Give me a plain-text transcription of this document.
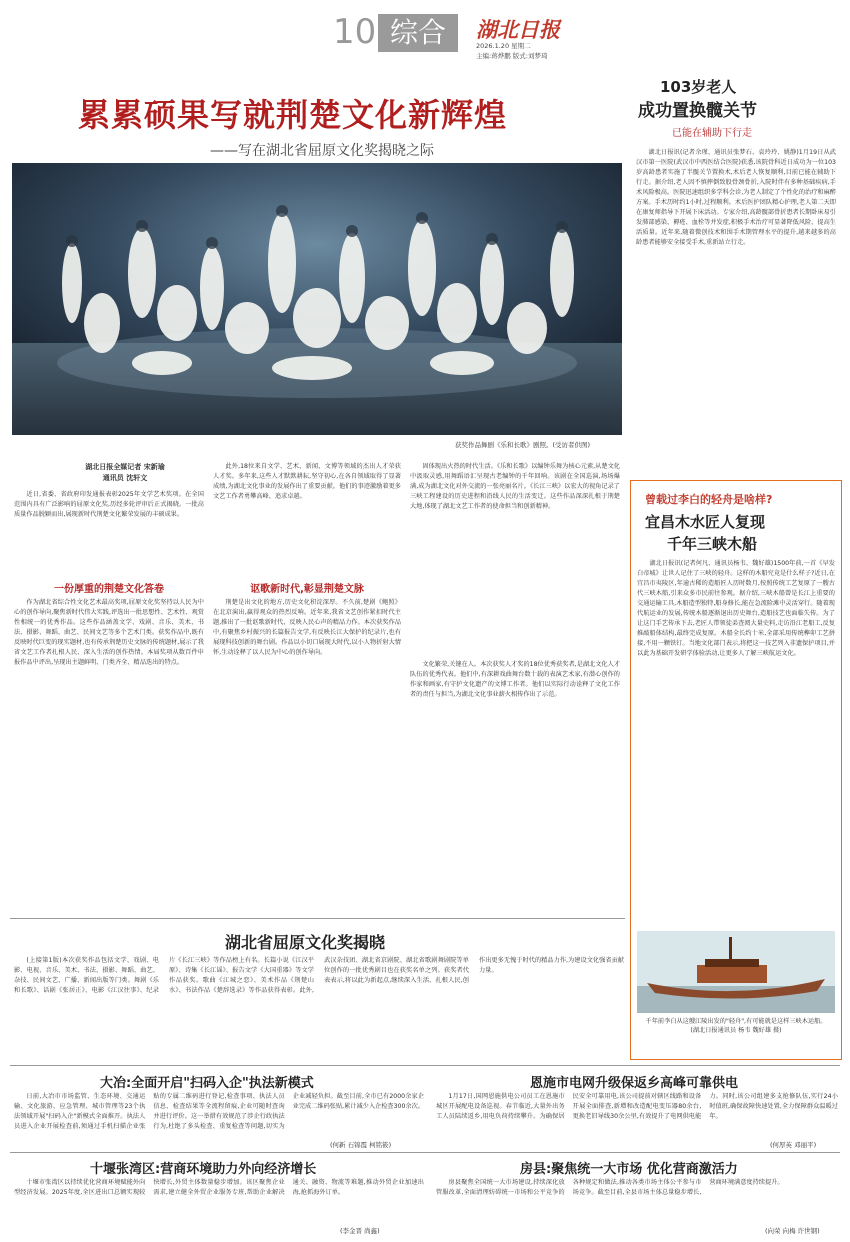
10 综合	湖北日报
2026.1.20 星期二
主编:蒋烨鹏 版式:刘梦琦
累累硕果写就荆楚文化新辉煌
——写在湖北省屈原文化奖揭晓之际
获奖作品舞剧《乐和长歌》剧照。(受访者供图)
湖北日报全媒记者 宋新瑜
通讯员 沈轩文

近日,省委、省政府印发通报表彰2025年文学艺术奖项。在全国范围内具有广泛影响的屈原文化奖,历经多轮评审后正式揭晓。一批高质量作品脱颖而出,展现新时代荆楚文化繁荣发展的丰硕成果。

一份厚重的荆楚文化答卷

作为湖北省综合性文化艺术最高奖项,屈原文化奖坚持以人民为中心的创作导向,聚焦新时代伟大实践,评选出一批思想性、艺术性、观赏性相统一的优秀作品。这些作品涵盖文学、戏剧、音乐、美术、书法、摄影、舞蹈、曲艺、民间文艺等多个艺术门类。获奖作品中,既有反映时代巨变的现实题材,也有传承荆楚历史文脉的传统题材,展示了我省文艺工作者扎根人民、深入生活的创作热情。本届奖项从数百件申报作品中评出,呈现出主题鲜明、门类齐全、精品迭出的特点。

此外,18位来自文学、艺术、新闻、文博等领域的杰出人才荣获人才奖。多年来,这些人才默默耕耘,坚守初心,在各自领域取得了显著成绩,为湖北文化事业的发展作出了重要贡献。他们的事迹激励着更多文艺工作者勇攀高峰、追求卓越。

讴歌新时代,彰显荆楚文脉

荆楚是出文化的地方,历史文化积淀深厚。不久前,楚剧《鲍照》在北京演出,赢得观众的热烈反响。近年来,我省文艺创作紧扣时代主题,推出了一批讴歌新时代、反映人民心声的精品力作。本次获奖作品中,有聚焦乡村振兴的长篇报告文学,有反映长江大保护的纪录片,也有展现科技创新的舞台剧。作品以小切口展现大时代,以小人物折射大情怀,生动诠释了以人民为中心的创作导向。

固体现出火热的时代生活。《乐和长歌》以编钟乐舞为核心元素,从楚文化中汲取灵感,用舞蹈语汇呈现古老编钟的千年回响。该剧在全国巡演,场场爆满,成为湖北文化对外交流的一张亮丽名片。《长江三峡》以宏大的视角记录了三峡工程建设的历史进程和沿线人民的生活变迁。这些作品深深扎根于荆楚大地,体现了湖北文艺工作者的使命担当和创新精神。

文化繁荣,关键在人。本次获奖人才奖的18位优秀获奖者,是湖北文化人才队伍的优秀代表。他们中,有深耕戏曲舞台数十载的表演艺术家,有潜心创作的作家和画家,有守护文化遗产的文博工作者。他们以实际行动诠释了文化工作者的责任与担当,为湖北文化事业薪火相传作出了示范。

103岁老人
成功置换髋关节
已能在辅助下行走

湖北日报讯(记者余瑾、通讯员张梦石、袁玲玲、姚静)1月19日从武汉市第一医院(武汉市中西医结合医院)获悉,该院骨科近日成功为一位103岁高龄患者实施了半髋关节置换术,术后老人恢复顺利,目前已能在辅助下行走。据介绍,老人因不慎摔倒致股骨颈骨折,入院时伴有多种基础疾病,手术风险极高。医院迅速组织多学科会诊,为老人制定了个性化的治疗和麻醉方案。手术历时约1小时,过程顺利。术后医护团队精心护理,老人第二天即在康复师指导下开展下床活动。专家介绍,高龄髋部骨折患者长期卧床易引发肺部感染、褥疮、血栓等并发症,积极手术治疗可显著降低风险、提高生活质量。近年来,随着微创技术和围手术期管理水平的提升,越来越多的高龄患者能够安全接受手术,重新站立行走。

曾载过李白的轻舟是啥样?
宜昌木水匠人复现
千年三峡木船

湖北日报讯(记者何凡、通讯员杨韦、魏好雄)1500年前,一首《早发白帝城》让世人记住了三峡的轻舟。这样的木船究竟是什么样子?近日,在宜昌市夷陵区,年逾古稀的造船匠人历时数月,按照传统工艺复原了一艘古代三峡木船,引来众多市民前往参观。据介绍,三峡木船曾是长江上重要的交通运输工具,木船造型独特,船身修长,能在急流险滩中灵活穿行。随着现代航运业的发展,传统木船逐渐退出历史舞台,造船技艺也面临失传。为了让这门手艺传承下去,老匠人带领徒弟查阅大量史料,走访沿江老船工,反复推敲船体结构,最终完成复原。木船全长约十米,全部采用传统榫卯工艺拼接,不用一颗铁钉。当地文化部门表示,将把这一技艺列入非遗保护项目,并以此为基础开发研学体验活动,让更多人了解三峡航运文化。

千年前李白从这艘江陵出发的"轻舟",有可能就是这样三峡木运船。
(湖北日报通讯员 杨韦 魏好雄 摄)
湖北省屈原文化奖揭晓

(上接第1版)本次获奖作品包括文学、戏剧、电影、电视、音乐、美术、书法、摄影、舞蹈、曲艺、杂技、民间文艺、广播、新闻出版等门类。舞剧《乐和长歌》、话剧《张居正》、电影《江汉往事》、纪录片《长江三峡》等作品榜上有名。长篇小说《江汉平原》、诗集《长江谣》、报告文学《大国重器》等文学作品获奖。歌曲《江城之恋》、美术作品《荆楚山水》、书法作品《楚辞选录》等作品获得表彰。此外,武汉杂技团、湖北省京剧院、湖北省歌剧舞剧院等单位创作的一批优秀剧目也在获奖名单之列。获奖者代表表示,将以此为新起点,继续深入生活、扎根人民,创作出更多无愧于时代的精品力作,为建设文化强省贡献力量。

大冶:全面开启"扫码入企"执法新模式

日前,大冶市市场监管、生态环境、交通运输、文化旅游、应急管理、城市管理等23个执法领域开展"扫码入企"新模式全面推开。执法人员进入企业开展检查前,须通过手机扫描企业张贴的专属二维码进行登记,检查事项、执法人员信息、检查结果等全流程留痕,企业可随时查询并进行评价。这一举措有效规范了涉企行政执法行为,杜绝了多头检查、重复检查等问题,切实为企业减轻负担。截至目前,全市已有2000余家企业完成二维码张贴,累计减少入企检查300余次。

(何新 石锦霞 柯铭筱)
恩施市电网升级保返乡高峰可靠供电

1月17日,国网恩施供电公司员工在恩施市城区开展配电设备巡视。春节临近,大量外出务工人员陆续返乡,用电负荷持续攀升。为确保居民安全可靠用电,该公司提前对辖区线路和设备开展全面排查,新增和改造配电变压器80余台,更换老旧导线30余公里,有效提升了电网供电能力。同时,该公司组建多支抢修队伍,实行24小时值班,确保故障快速处置,全力保障群众温暖过年。

(何厚英 邓丽平)
十堰张湾区:营商环境助力外向经济增长

十堰市张湾区以持续优化营商环境赋能外向型经济发展。2025年度,全区进出口总额实现较快增长,外贸主体数量稳步增加。该区聚焦企业需求,建立健全外贸企业服务专班,帮助企业解决通关、融资、物流等难题,推动外贸企业加速出海,抢抓海外订单。

(李金晋 尚鑫)
房县:聚焦统一大市场 优化营商激活力

房县聚焦全国统一大市场建设,持续深化放管服改革,全面清理妨碍统一市场和公平竞争的各种规定和做法,推动各类市场主体公平参与市场竞争。截至目前,全县市场主体总量稳步增长,营商环境满意度持续提升。

(向荣 向梅 许世钢)
